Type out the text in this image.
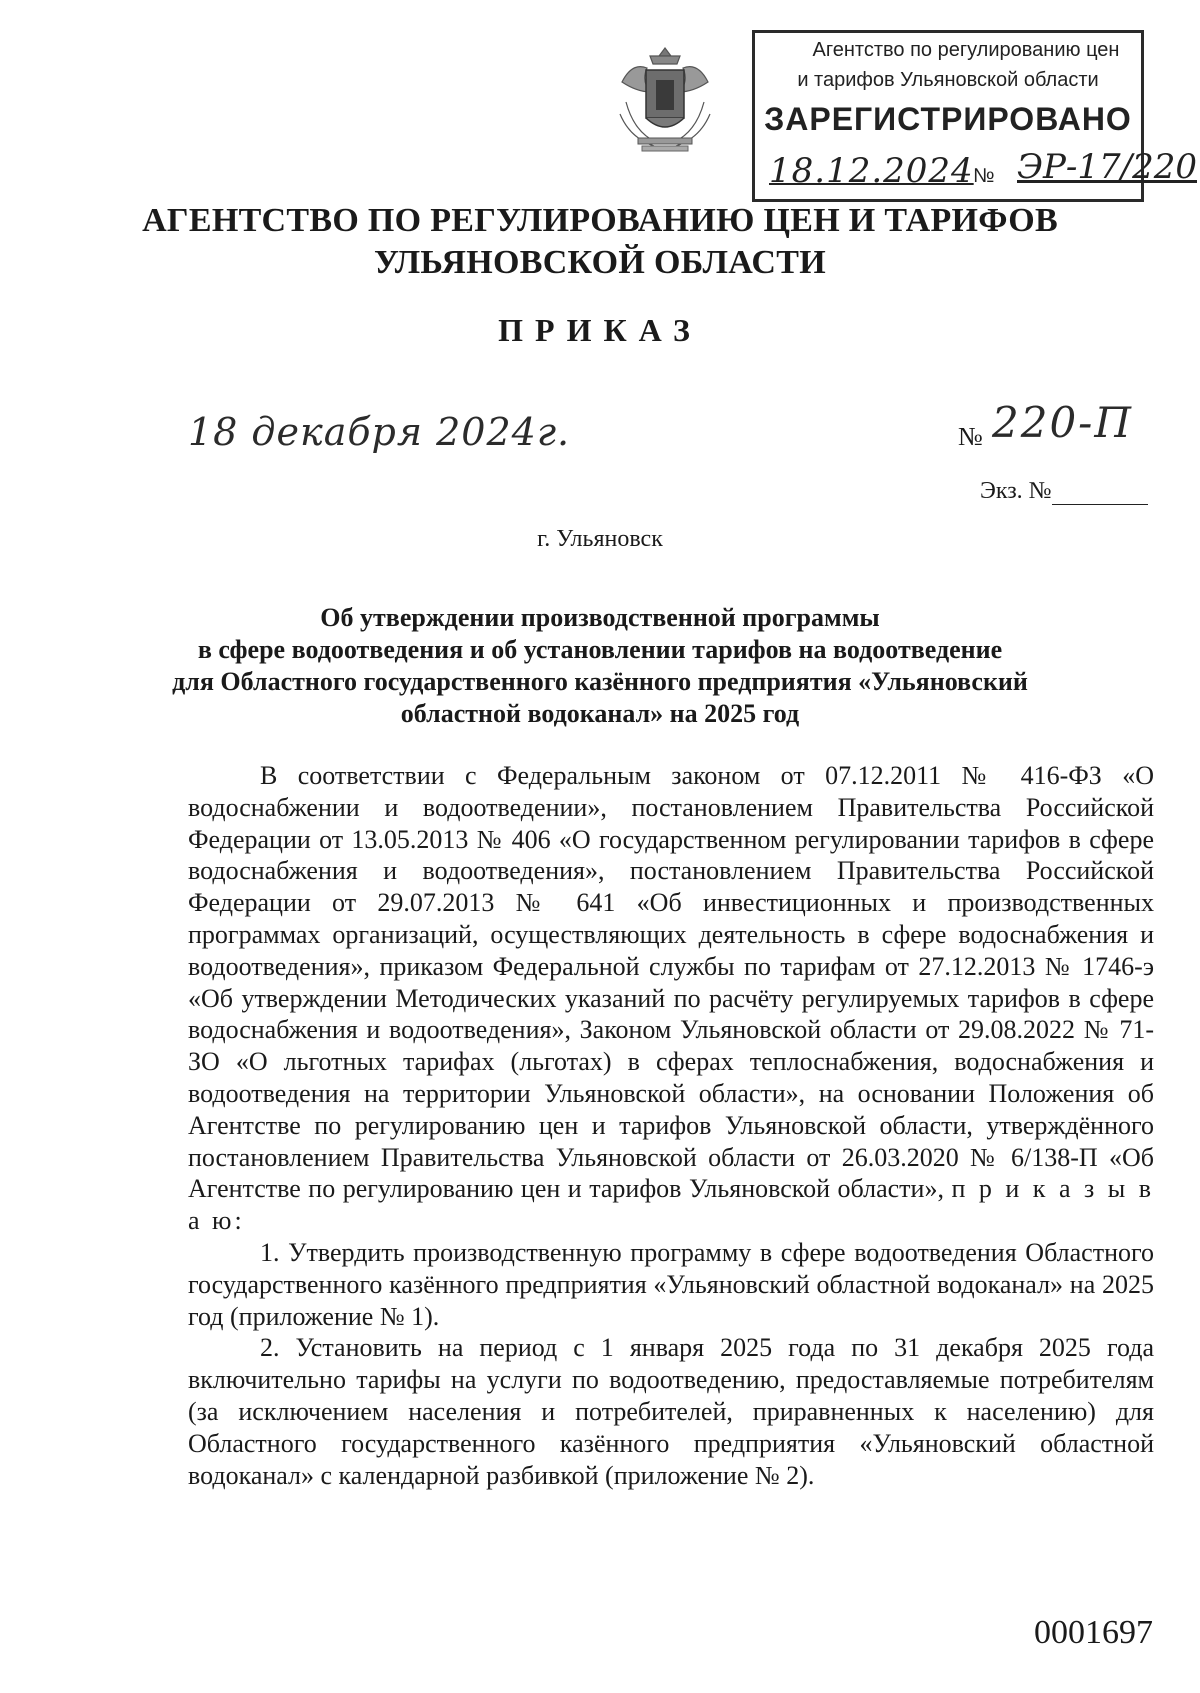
Агентство по регулированию цен
и тарифов Ульяновской области
ЗАРЕГИСТРИРОВАНО
18.12.2024 № ЭР-17/220
АГЕНТСТВО ПО РЕГУЛИРОВАНИЮ ЦЕН И ТАРИФОВ
УЛЬЯНОВСКОЙ ОБЛАСТИ
ПРИКАЗ
18 декабря 2024г.	№ 220-П
Экз. №
г. Ульяновск
Об утверждении производственной программы
в сфере водоотведения и об установлении тарифов на водоотведение
для Областного государственного казённого предприятия «Ульяновский
областной водоканал» на 2025 год

В соответствии с Федеральным законом от 07.12.2011 № 416-ФЗ «О водоснабжении и водоотведении», постановлением Правительства Российской Федерации от 13.05.2013 № 406 «О государственном регулировании тарифов в сфере водоснабжения и водоотведения», постановлением Правительства Российской Федерации от 29.07.2013 № 641 «Об инвестиционных и производственных программах организаций, осуществляющих деятельность в сфере водоснабжения и водоотведения», приказом Федеральной службы по тарифам от 27.12.2013 № 1746-э «Об утверждении Методических указаний по расчёту регулируемых тарифов в сфере водоснабжения и водоотведения», Законом Ульяновской области от 29.08.2022 № 71-ЗО «О льготных тарифах (льготах) в сферах теплоснабжения, водоснабжения и водоотведения на территории Ульяновской области», на основании Положения об Агентстве по регулированию цен и тарифов Ульяновской области, утверждённого постановлением Правительства Ульяновской области от 26.03.2020 № 6/138-П «Об Агентстве по регулированию цен и тарифов Ульяновской области», п р и к а з ы в а ю:

1. Утвердить производственную программу в сфере водоотведения Областного государственного казённого предприятия «Ульяновский областной водоканал» на 2025 год (приложение № 1).

2. Установить на период с 1 января 2025 года по 31 декабря 2025 года включительно тарифы на услуги по водоотведению, предоставляемые потребителям (за исключением населения и потребителей, приравненных к населению) для Областного государственного казённого предприятия «Ульяновский областной водоканал» с календарной разбивкой (приложение № 2).

0001697
